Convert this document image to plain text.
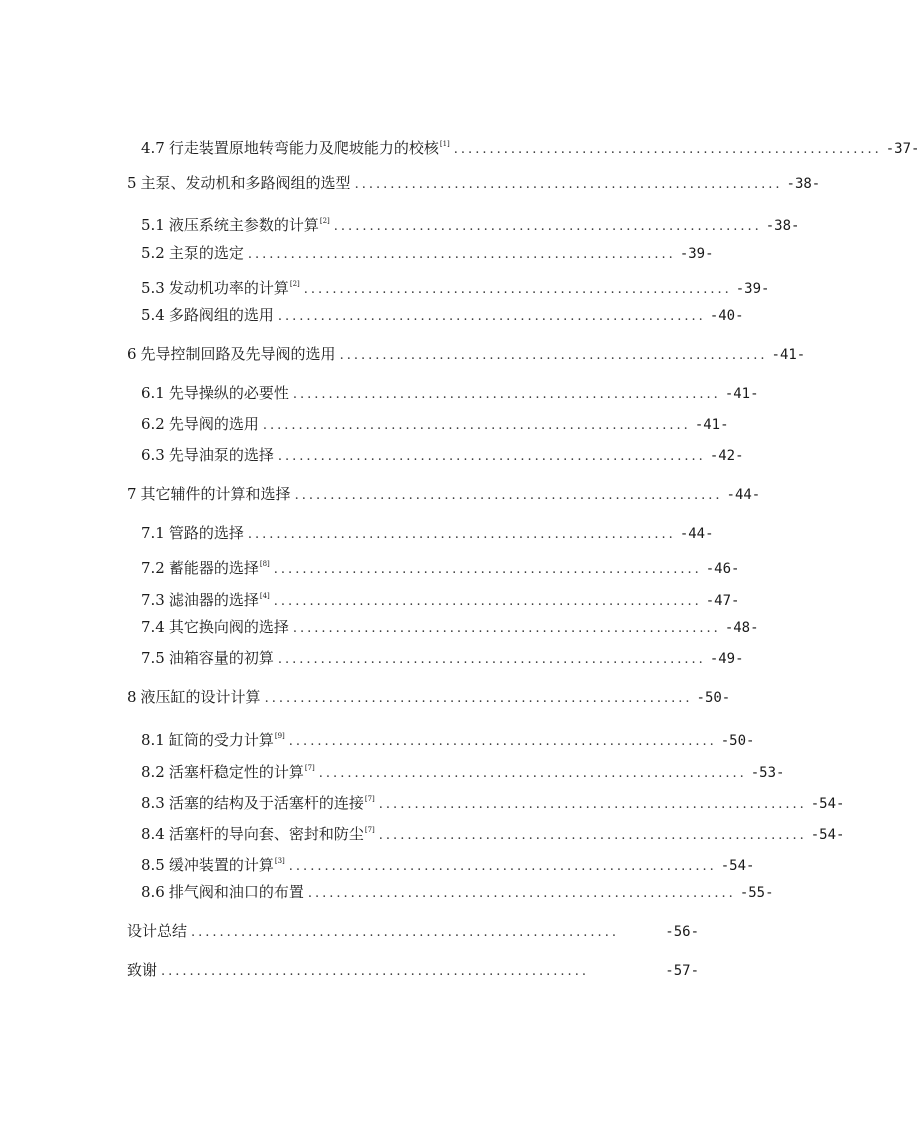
4.7 行走装置原地转弯能力及爬坡能力的校核[1] ............................................................ -37-
5 主泵、发动机和多路阀组的选型 ............................................................ -38-
5.1 液压系统主参数的计算[2] ............................................................ -38-
5.2 主泵的选定 ............................................................ -39-
5.3 发动机功率的计算[2] ............................................................ -39-
5.4 多路阀组的选用 ............................................................ -40-
6 先导控制回路及先导阀的选用 ............................................................ -41-
6.1 先导操纵的必要性 ............................................................ -41-
6.2 先导阀的选用 ............................................................ -41-
6.3 先导油泵的选择 ............................................................ -42-
7 其它辅件的计算和选择 ............................................................ -44-
7.1 管路的选择 ............................................................ -44-
7.2 蓄能器的选择[8] ............................................................ -46-
7.3 滤油器的选择[4] ............................................................ -47-
7.4 其它换向阀的选择 ............................................................ -48-
7.5 油箱容量的初算 ............................................................ -49-
8 液压缸的设计计算 ............................................................ -50-
8.1 缸筒的受力计算[9] ............................................................ -50-
8.2 活塞杆稳定性的计算[7] ............................................................ -53-
8.3 活塞的结构及于活塞杆的连接[7] ............................................................ -54-
8.4 活塞杆的导向套、密封和防尘[7] ............................................................ -54-
8.5 缓冲装置的计算[3] ............................................................ -54-
8.6 排气阀和油口的布置 ............................................................ -55-
设计总结 ............................................................	-56-
致谢 ............................................................	-57-
